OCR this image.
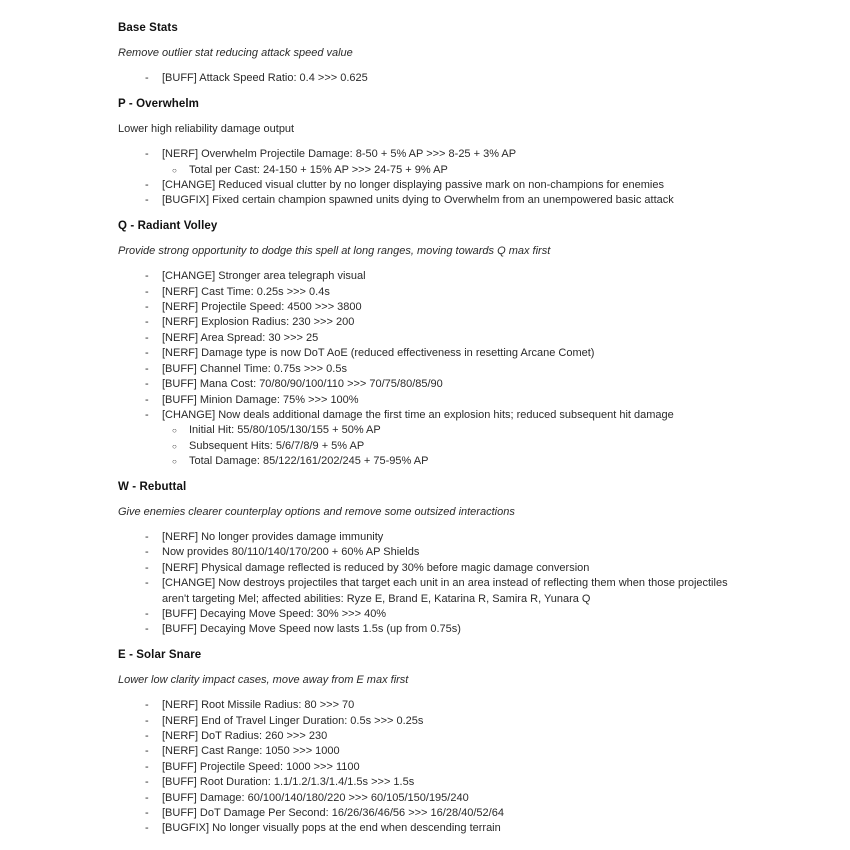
Base Stats

Remove outlier stat reducing attack speed value

-	[BUFF] Attack Speed Ratio: 0.4 >>> 0.625
P - Overwhelm

Lower high reliability damage output

-	[NERF] Overwhelm Projectile Damage: 8-50 + 5% AP >>> 8-25 + 3% AP
○	Total per Cast: 24-150 + 15% AP >>> 24-75 + 9% AP
-	[CHANGE] Reduced visual clutter by no longer displaying passive mark on non-champions for enemies
-	[BUGFIX] Fixed certain champion spawned units dying to Overwhelm from an unempowered basic attack
Q - Radiant Volley

Provide strong opportunity to dodge this spell at long ranges, moving towards Q max first

-	[CHANGE] Stronger area telegraph visual
-	[NERF] Cast Time: 0.25s >>> 0.4s
-	[NERF] Projectile Speed: 4500 >>> 3800
-	[NERF] Explosion Radius: 230 >>> 200
-	[NERF] Area Spread: 30 >>> 25
-	[NERF] Damage type is now DoT AoE (reduced effectiveness in resetting Arcane Comet)
-	[BUFF] Channel Time: 0.75s >>> 0.5s
-	[BUFF] Mana Cost: 70/80/90/100/110 >>> 70/75/80/85/90
-	[BUFF] Minion Damage: 75% >>> 100%
-	[CHANGE] Now deals additional damage the first time an explosion hits; reduced subsequent hit damage
○	Initial Hit: 55/80/105/130/155 + 50% AP
○	Subsequent Hits: 5/6/7/8/9 + 5% AP
○	Total Damage: 85/122/161/202/245 + 75-95% AP
W - Rebuttal

Give enemies clearer counterplay options and remove some outsized interactions

-	[NERF] No longer provides damage immunity
-	Now provides 80/110/140/170/200 + 60% AP Shields
-	[NERF] Physical damage reflected is reduced by 30% before magic damage conversion
-	[CHANGE] Now destroys projectiles that target each unit in an area instead of reflecting them when those projectiles aren't targeting Mel; affected abilities: Ryze E, Brand E, Katarina R, Samira R, Yunara Q
-	[BUFF] Decaying Move Speed: 30% >>> 40%
-	[BUFF] Decaying Move Speed now lasts 1.5s (up from 0.75s)
E - Solar Snare

Lower low clarity impact cases, move away from E max first

-	[NERF] Root Missile Radius: 80 >>> 70
-	[NERF] End of Travel Linger Duration: 0.5s >>> 0.25s
-	[NERF] DoT Radius: 260 >>> 230
-	[NERF] Cast Range: 1050 >>> 1000
-	[BUFF] Projectile Speed: 1000 >>> 1100
-	[BUFF] Root Duration: 1.1/1.2/1.3/1.4/1.5s >>> 1.5s
-	[BUFF] Damage: 60/100/140/180/220 >>> 60/105/150/195/240
-	[BUFF] DoT Damage Per Second: 16/26/36/46/56 >>> 16/28/40/52/64
-	[BUGFIX] No longer visually pops at the end when descending terrain
